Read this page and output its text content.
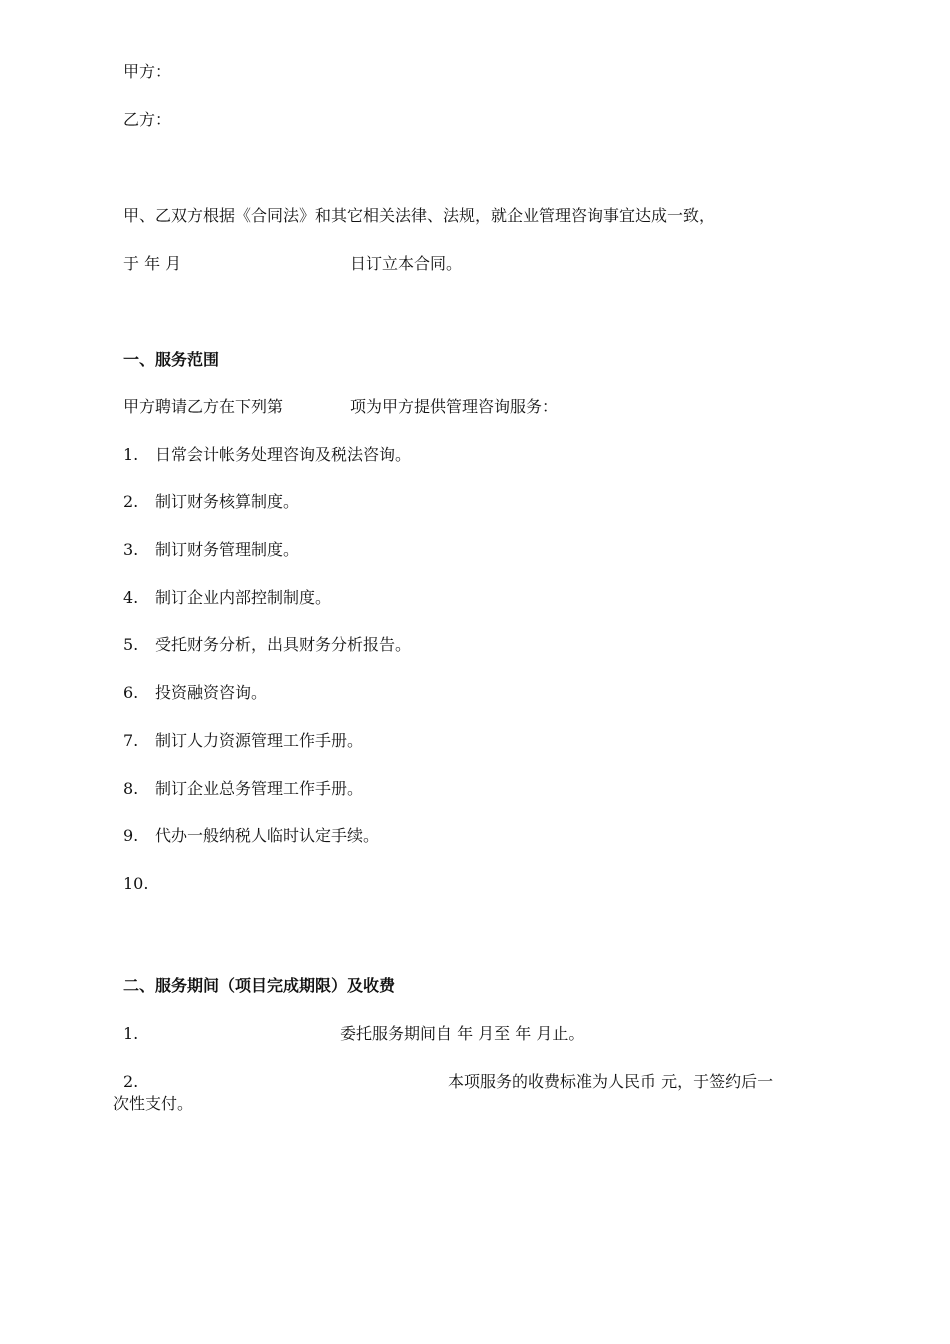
甲方：
乙方：
甲、乙双方根据《合同法》和其它相关法律、法规，就企业管理咨询事宜达成一致，
于 年 月	日订立本合同。
一、服务范围
甲方聘请乙方在下列第	项为甲方提供管理咨询服务：
1. 日常会计帐务处理咨询及税法咨询。
2. 制订财务核算制度。
3. 制订财务管理制度。
4. 制订企业内部控制制度。
5. 受托财务分析，出具财务分析报告。
6. 投资融资咨询。
7. 制订人力资源管理工作手册。
8. 制订企业总务管理工作手册。
9. 代办一般纳税人临时认定手续。
10.
二、服务期间（项目完成期限）及收费
1.	委托服务期间自 年 月至 年 月止。
2.	本项服务的收费标准为人民币 元，于签约后一
次性支付。
